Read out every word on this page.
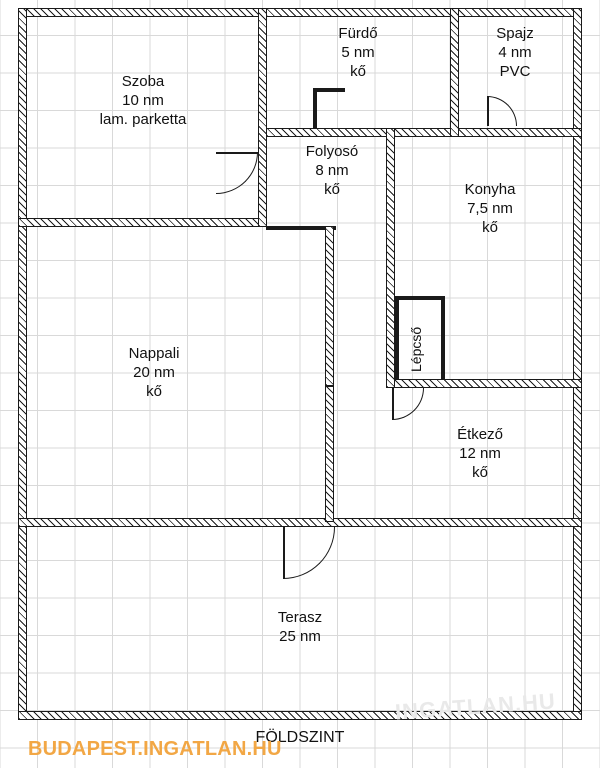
Szoba
10 nm
lam. parketta
Fürdő
5 nm
kő
Spajz
4 nm
PVC
Folyosó
8 nm
kő	Konyha
7,5 nm
kő
Nappali
20 nm
kő
Étkező
12 nm
kő
Lépcső
Terasz
25 nm
FÖLDSZINT
INGATLAN.HU
BUDAPEST.INGATLAN.HU
